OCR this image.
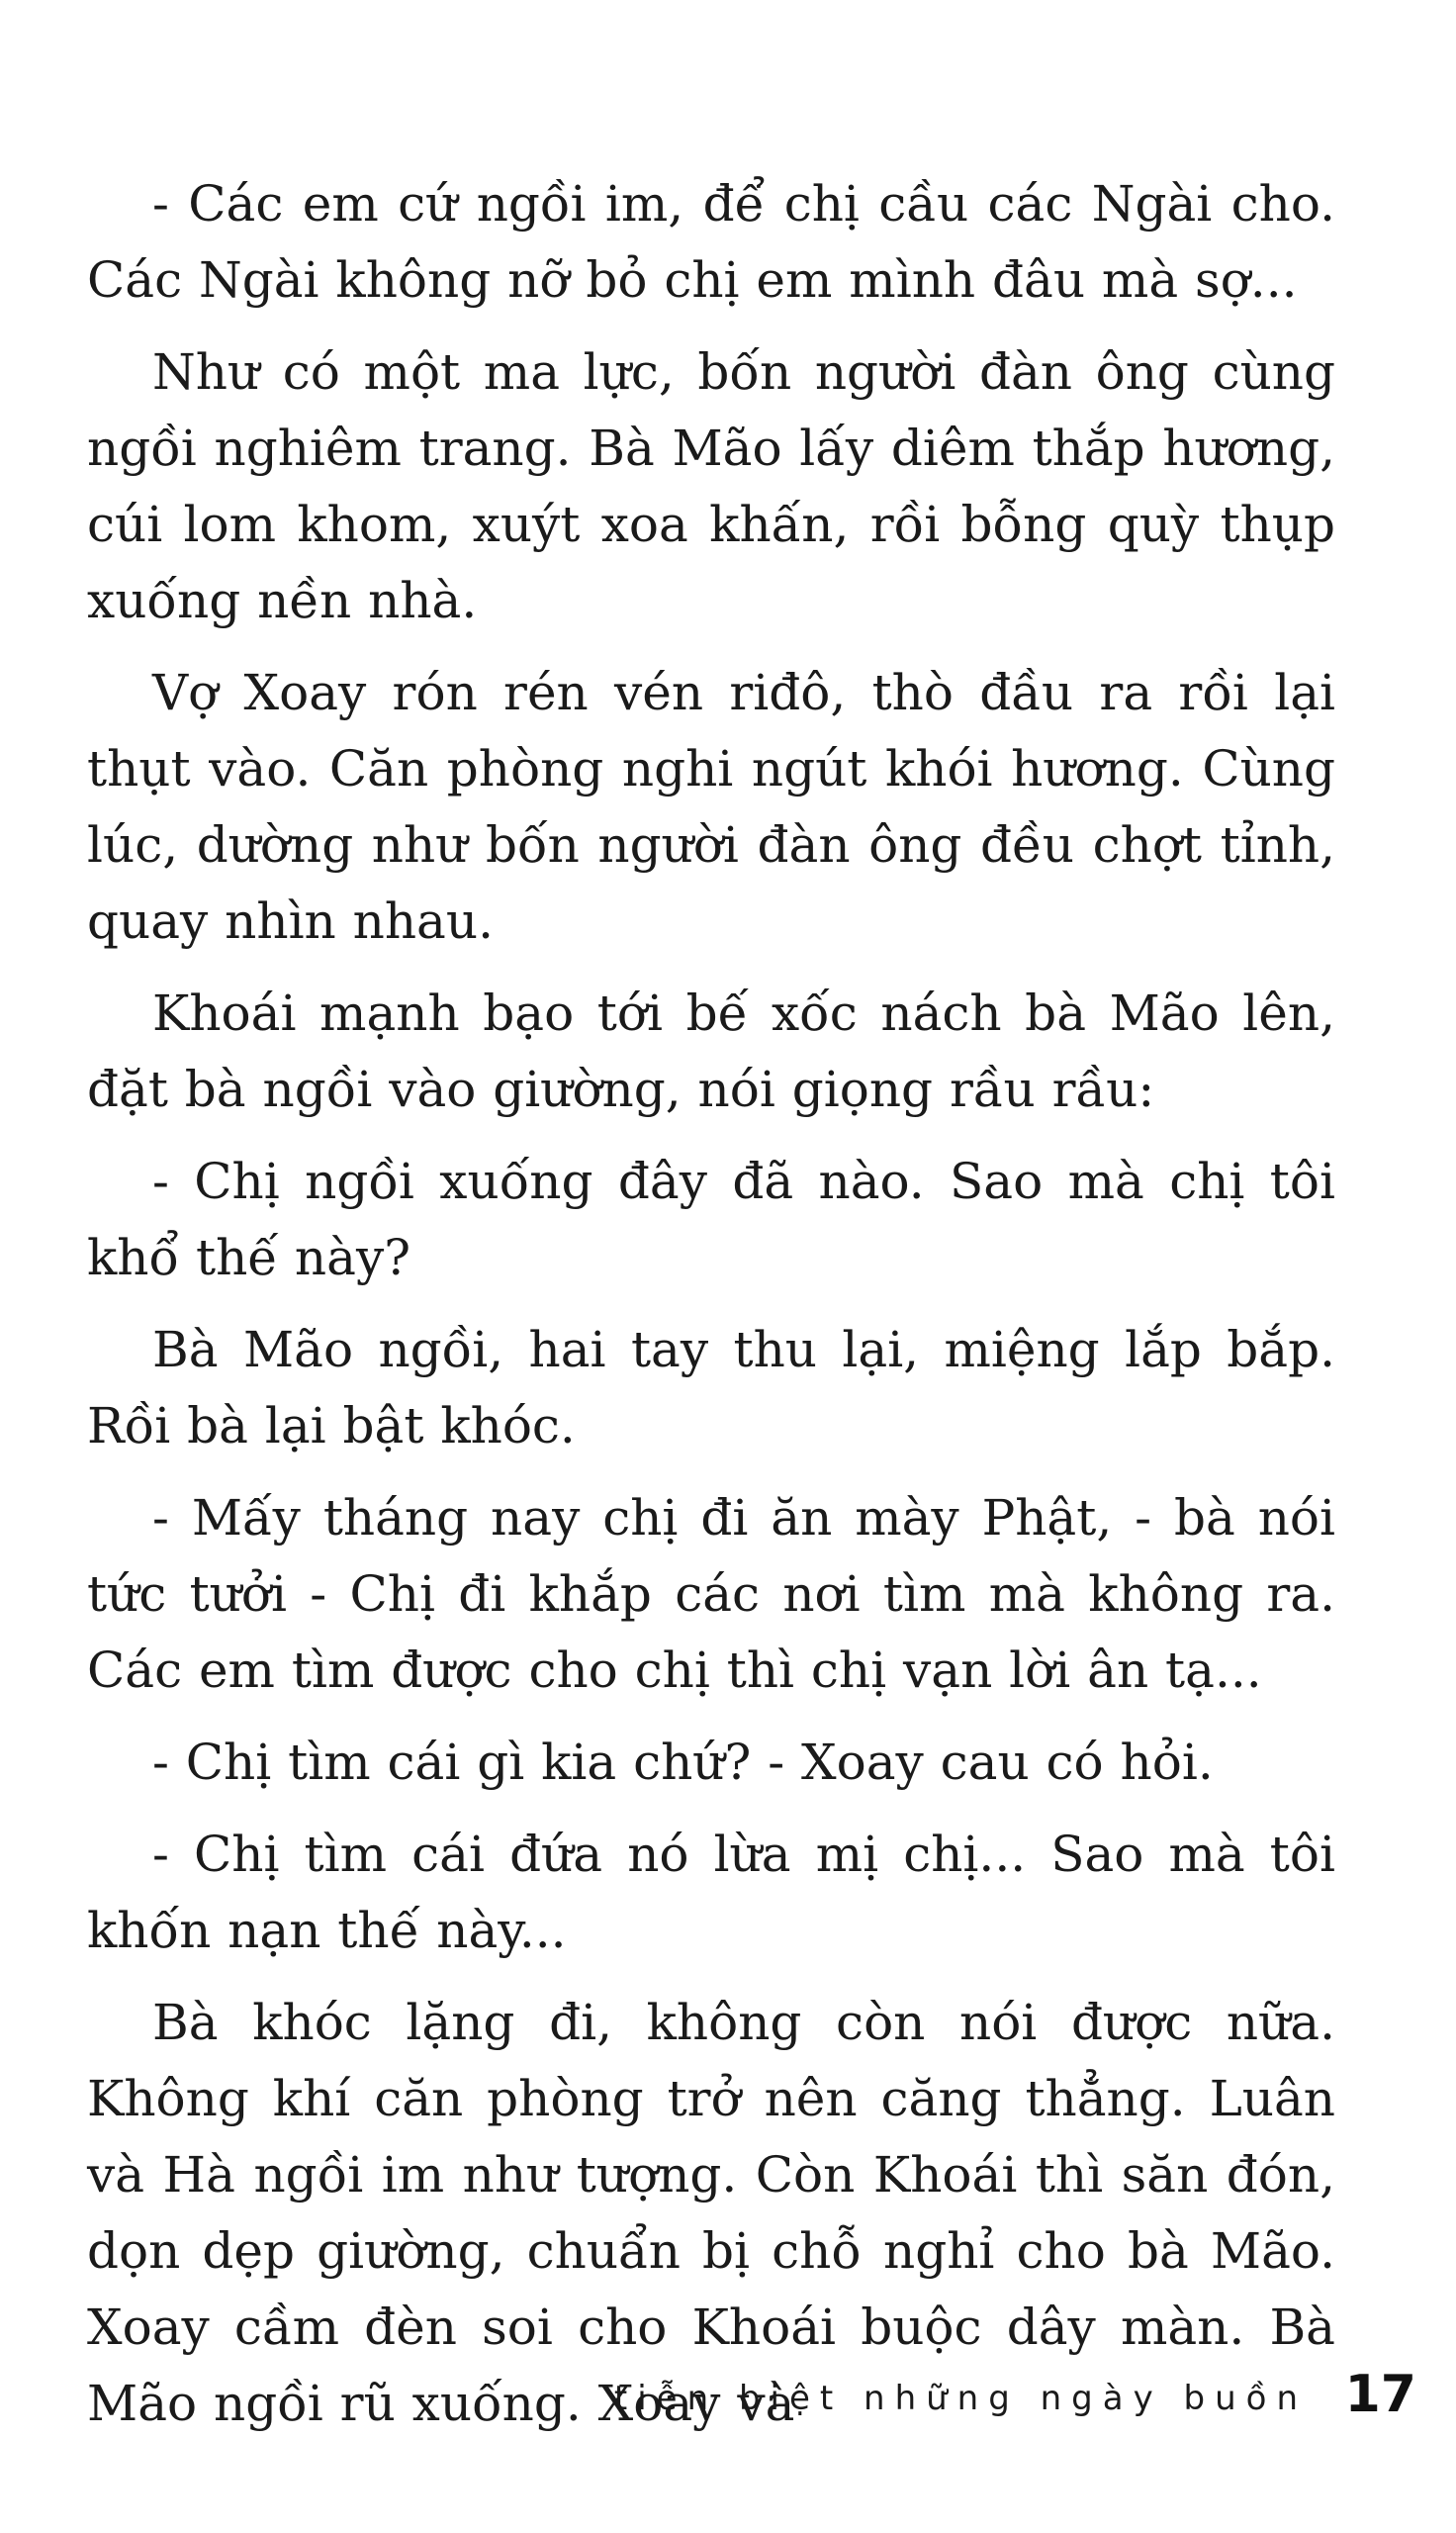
- Các em cứ ngồi im, để chị cầu các Ngài cho. Các Ngài không nỡ bỏ chị em mình đâu mà sợ...

Như có một ma lực, bốn người đàn ông cùng ngồi nghiêm trang. Bà Mão lấy diêm thắp hương, cúi lom khom, xuýt xoa khấn, rồi bỗng quỳ thụp xuống nền nhà.

Vợ Xoay rón rén vén riđô, thò đầu ra rồi lại thụt vào. Căn phòng nghi ngút khói hương. Cùng lúc, dường như bốn người đàn ông đều chợt tỉnh, quay nhìn nhau.

Khoái mạnh bạo tới bế xốc nách bà Mão lên, đặt bà ngồi vào giường, nói giọng rầu rầu:

- Chị ngồi xuống đây đã nào. Sao mà chị tôi khổ thế này?

Bà Mão ngồi, hai tay thu lại, miệng lắp bắp. Rồi bà lại bật khóc.

- Mấy tháng nay chị đi ăn mày Phật, - bà nói tức tưởi - Chị đi khắp các nơi tìm mà không ra. Các em tìm được cho chị thì chị vạn lời ân tạ...

- Chị tìm cái gì kia chứ? - Xoay cau có hỏi.

- Chị tìm cái đứa nó lừa mị chị... Sao mà tôi khốn nạn thế này...

Bà khóc lặng đi, không còn nói được nữa. Không khí căn phòng trở nên căng thẳng. Luân và Hà ngồi im như tượng. Còn Khoái thì săn đón, dọn dẹp giường, chuẩn bị chỗ nghỉ cho bà Mão. Xoay cầm đèn soi cho Khoái buộc dây màn. Bà Mão ngồi rũ xuống. Xoay và

tiễn biệt những ngày buồn 17
